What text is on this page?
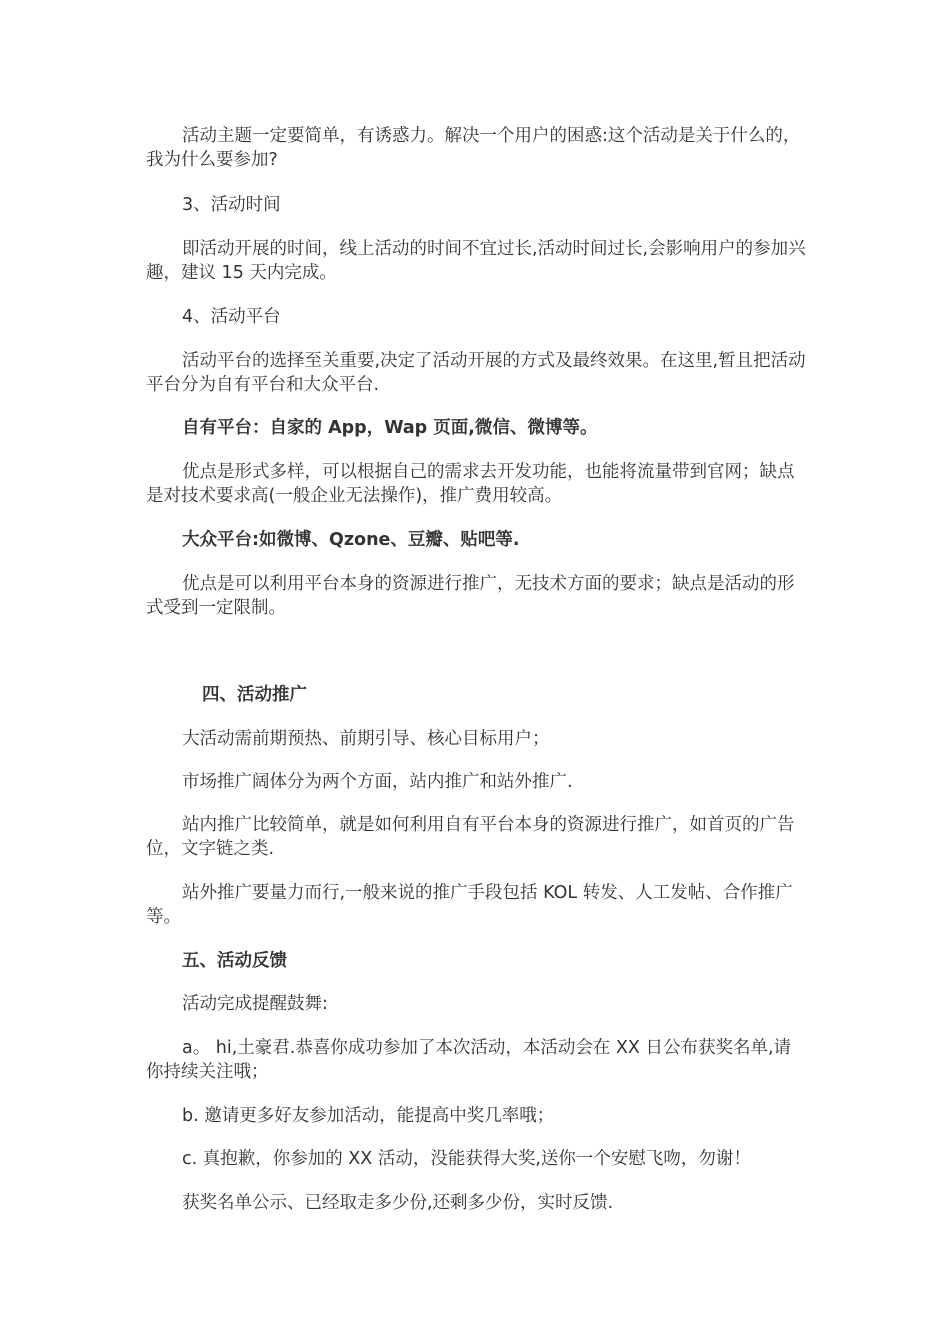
活动主题一定要简单，有诱惑力。解决一个用户的困惑:这个活动是关于什么的，我为什么要参加?

3、活动时间

即活动开展的时间，线上活动的时间不宜过长,活动时间过长,会影响用户的参加兴趣，建议 15 天内完成。

4、活动平台

活动平台的选择至关重要,决定了活动开展的方式及最终效果。在这里,暂且把活动平台分为自有平台和大众平台.

自有平台：自家的 App，Wap 页面,微信、微博等。

优点是形式多样，可以根据自己的需求去开发功能，也能将流量带到官网；缺点是对技术要求高(一般企业无法操作)，推广费用较高。

大众平台:如微博、Qzone、豆瓣、贴吧等.

优点是可以利用平台本身的资源进行推广，无技术方面的要求；缺点是活动的形式受到一定限制。

四、活动推广

大活动需前期预热、前期引导、核心目标用户；

市场推广阔体分为两个方面，站内推广和站外推广.

站内推广比较简单，就是如何利用自有平台本身的资源进行推广，如首页的广告位，文字链之类.

站外推广要量力而行,一般来说的推广手段包括 KOL 转发、人工发帖、合作推广等。

五、活动反馈

活动完成提醒鼓舞:

a。 hi,土豪君.恭喜你成功参加了本次活动，本活动会在 XX 日公布获奖名单,请你持续关注哦；

b. 邀请更多好友参加活动，能提高中奖几率哦；

c. 真抱歉，你参加的 XX 活动，没能获得大奖,送你一个安慰飞吻，勿谢！

获奖名单公示、已经取走多少份,还剩多少份，实时反馈.
